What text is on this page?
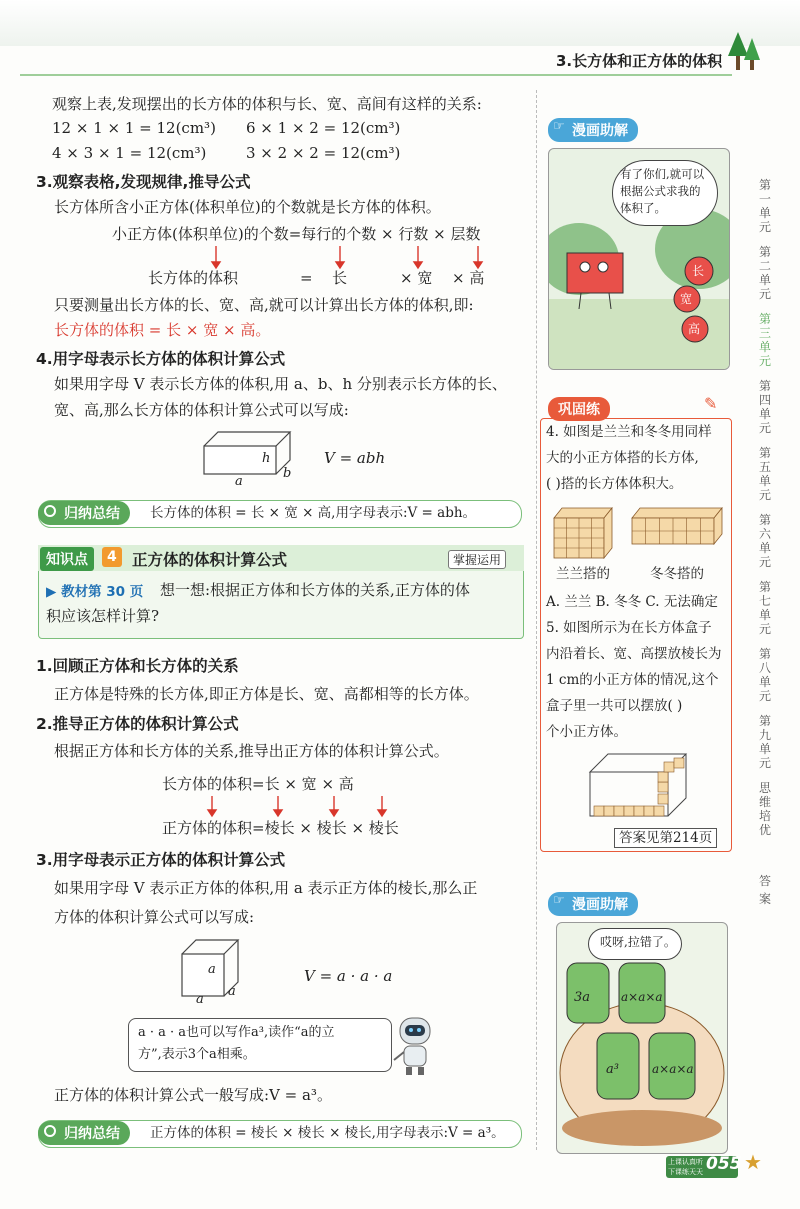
3.长方体和正方体的体积
观察上表,发现摆出的长方体的体积与长、宽、高间有这样的关系:
12 × 1 × 1 = 12(cm³) 6 × 1 × 2 = 12(cm³)
4 × 3 × 1 = 12(cm³)	3 × 2 × 2 = 12(cm³)
3.观察表格,发现规律,推导公式
长方体所含小正方体(体积单位)的个数就是长方体的体积。
小正方体(体积单位)的个数=每行的个数 × 行数 × 层数
长方体的体积	= 长	× 宽 × 高
只要测量出长方体的长、宽、高,就可以计算出长方体的体积,即:
长方体的体积 = 长 × 宽 × 高。
4.用字母表示长方体的体积计算公式
如果用字母 V 表示长方体的体积,用 a、b、h 分别表示长方体的长、
宽、高,那么长方体的体积计算公式可以写成:
h
b
a
V = abh
归纳总结	长方体的体积 = 长 × 宽 × 高,用字母表示:V = abh。
知识点	4 正方体的体积计算公式	掌握运用
▶ 教材第 30 页 想一想:根据正方体和长方体的关系,正方体的体
积应该怎样计算?
1.回顾正方体和长方体的关系
正方体是特殊的长方体,即正方体是长、宽、高都相等的长方体。
2.推导正方体的体积计算公式
根据正方体和长方体的关系,推导出正方体的体积计算公式。
长方体的体积=长 × 宽 × 高
正方体的体积=棱长 × 棱长 × 棱长
3.用字母表示正方体的体积计算公式
如果用字母 V 表示正方体的体积,用 a 表示正方体的棱长,那么正
方体的体积计算公式可以写成:
a
a
a
V = a · a · a
a · a · a也可以写作a³,读作“a的立
方”,表示3个a相乘。
正方体的体积计算公式一般写成:V = a³。
归纳总结	正方体的体积 = 棱长 × 棱长 × 棱长,用字母表示:V = a³。
漫画助解
☞
有了你们,就可以根据公式求我的体积了。
长
宽
高
巩固练	✎
4. 如图是兰兰和冬冬用同样
大的小正方体搭的长方体,
( )搭的长方体体积大。
兰兰搭的	冬冬搭的
A. 兰兰 B. 冬冬 C. 无法确定
5. 如图所示为在长方体盒子
内沿着长、宽、高摆放棱长为
1 cm的小正方体的情况,这个
盒子里一共可以摆放( )
个小正方体。
答案见第214页
漫画助解
☞
哎呀,拉错了。
3a	a×a×a
a³	a×a×a
第一单元
第二单元
第三单元
第四单元
第五单元
第六单元
第七单元
第八单元
第九单元
思维培优
答案
上课认真听 下课练天天 055 ★
